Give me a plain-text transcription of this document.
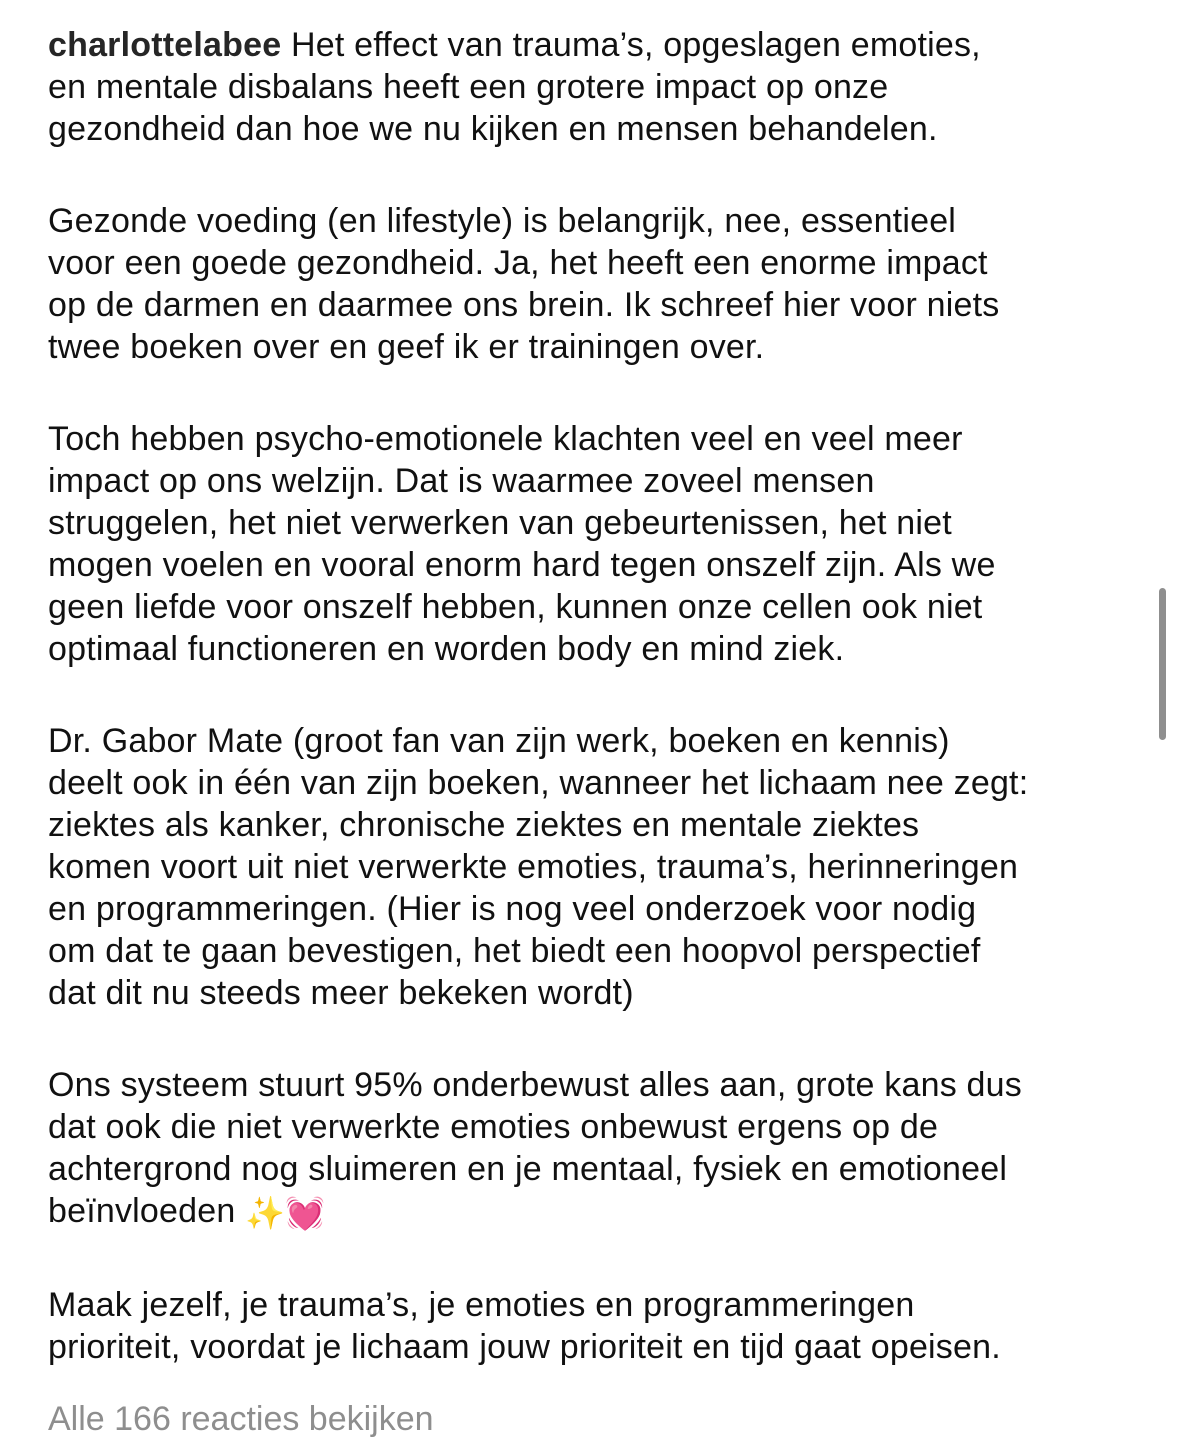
charlottelabee Het effect van trauma’s, opgeslagen emoties,
en mentale disbalans heeft een grotere impact op onze
gezondheid dan hoe we nu kijken en mensen behandelen.

Gezonde voeding (en lifestyle) is belangrijk, nee, essentieel
voor een goede gezondheid. Ja, het heeft een enorme impact
op de darmen en daarmee ons brein. Ik schreef hier voor niets
twee boeken over en geef ik er trainingen over.

Toch hebben psycho-emotionele klachten veel en veel meer
impact op ons welzijn. Dat is waarmee zoveel mensen
struggelen, het niet verwerken van gebeurtenissen, het niet
mogen voelen en vooral enorm hard tegen onszelf zijn. Als we
geen liefde voor onszelf hebben, kunnen onze cellen ook niet
optimaal functioneren en worden body en mind ziek.

Dr. Gabor Mate (groot fan van zijn werk, boeken en kennis)
deelt ook in één van zijn boeken, wanneer het lichaam nee zegt:
ziektes als kanker, chronische ziektes en mentale ziektes
komen voort uit niet verwerkte emoties, trauma’s, herinneringen
en programmeringen. (Hier is nog veel onderzoek voor nodig
om dat te gaan bevestigen, het biedt een hoopvol perspectief
dat dit nu steeds meer bekeken wordt)

Ons systeem stuurt 95% onderbewust alles aan, grote kans dus
dat ook die niet verwerkte emoties onbewust ergens op de
achtergrond nog sluimeren en je mentaal, fysiek en emotioneel
beïnvloeden ✨💓

Maak jezelf, je trauma’s, je emoties en programmeringen
prioriteit, voordat je lichaam jouw prioriteit en tijd gaat opeisen.

Alle 166 reacties bekijken
